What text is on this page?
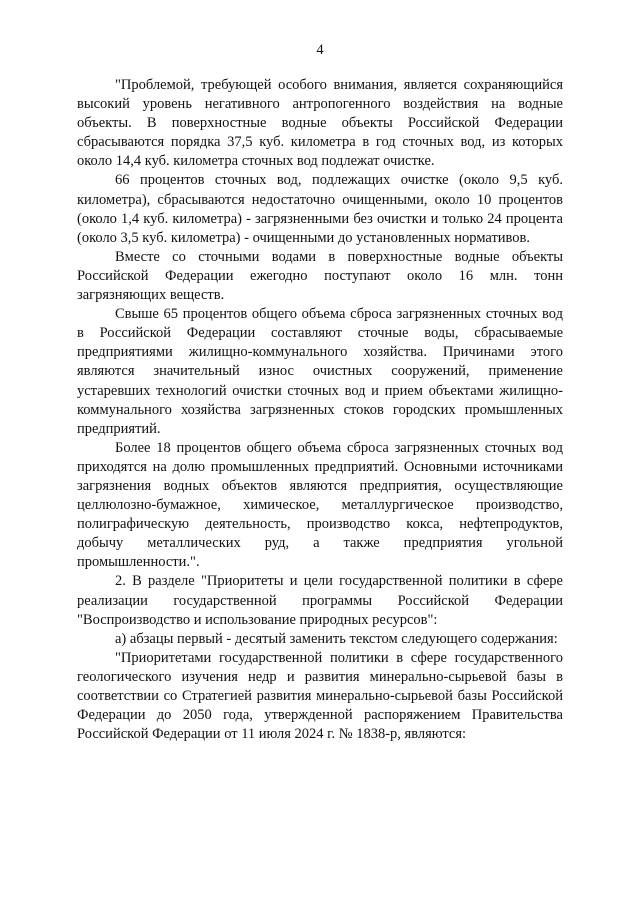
4

"Проблемой, требующей особого внимания, является сохраняющийся высокий уровень негативного антропогенного воздействия на водные объекты. В поверхностные водные объекты Российской Федерации сбрасываются порядка 37,5 куб. километра в год сточных вод, из которых около 14,4 куб. километра сточных вод подлежат очистке.

66 процентов сточных вод, подлежащих очистке (около 9,5 куб. километра), сбрасываются недостаточно очищенными, около 10 процентов (около 1,4 куб. километра) - загрязненными без очистки и только 24 процента (около 3,5 куб. километра) - очищенными до установленных нормативов.

Вместе со сточными водами в поверхностные водные объекты Российской Федерации ежегодно поступают около 16 млн. тонн загрязняющих веществ.

Свыше 65 процентов общего объема сброса загрязненных сточных вод в Российской Федерации составляют сточные воды, сбрасываемые предприятиями жилищно-коммунального хозяйства. Причинами этого являются значительный износ очистных сооружений, применение устаревших технологий очистки сточных вод и прием объектами жилищно-коммунального хозяйства загрязненных стоков городских промышленных предприятий.

Более 18 процентов общего объема сброса загрязненных сточных вод приходятся на долю промышленных предприятий. Основными источниками загрязнения водных объектов являются предприятия, осуществляющие целлюлозно-бумажное, химическое, металлургическое производство, полиграфическую деятельность, производство кокса, нефтепродуктов, добычу металлических руд, а также предприятия угольной промышленности.".

2. В разделе "Приоритеты и цели государственной политики в сфере реализации государственной программы Российской Федерации "Воспроизводство и использование природных ресурсов":

а) абзацы первый - десятый заменить текстом следующего содержания:

"Приоритетами государственной политики в сфере государственного геологического изучения недр и развития минерально-сырьевой базы в соответствии со Стратегией развития минерально-сырьевой базы Российской Федерации до 2050 года, утвержденной распоряжением Правительства Российской Федерации от 11 июля 2024 г. № 1838-р, являются:
